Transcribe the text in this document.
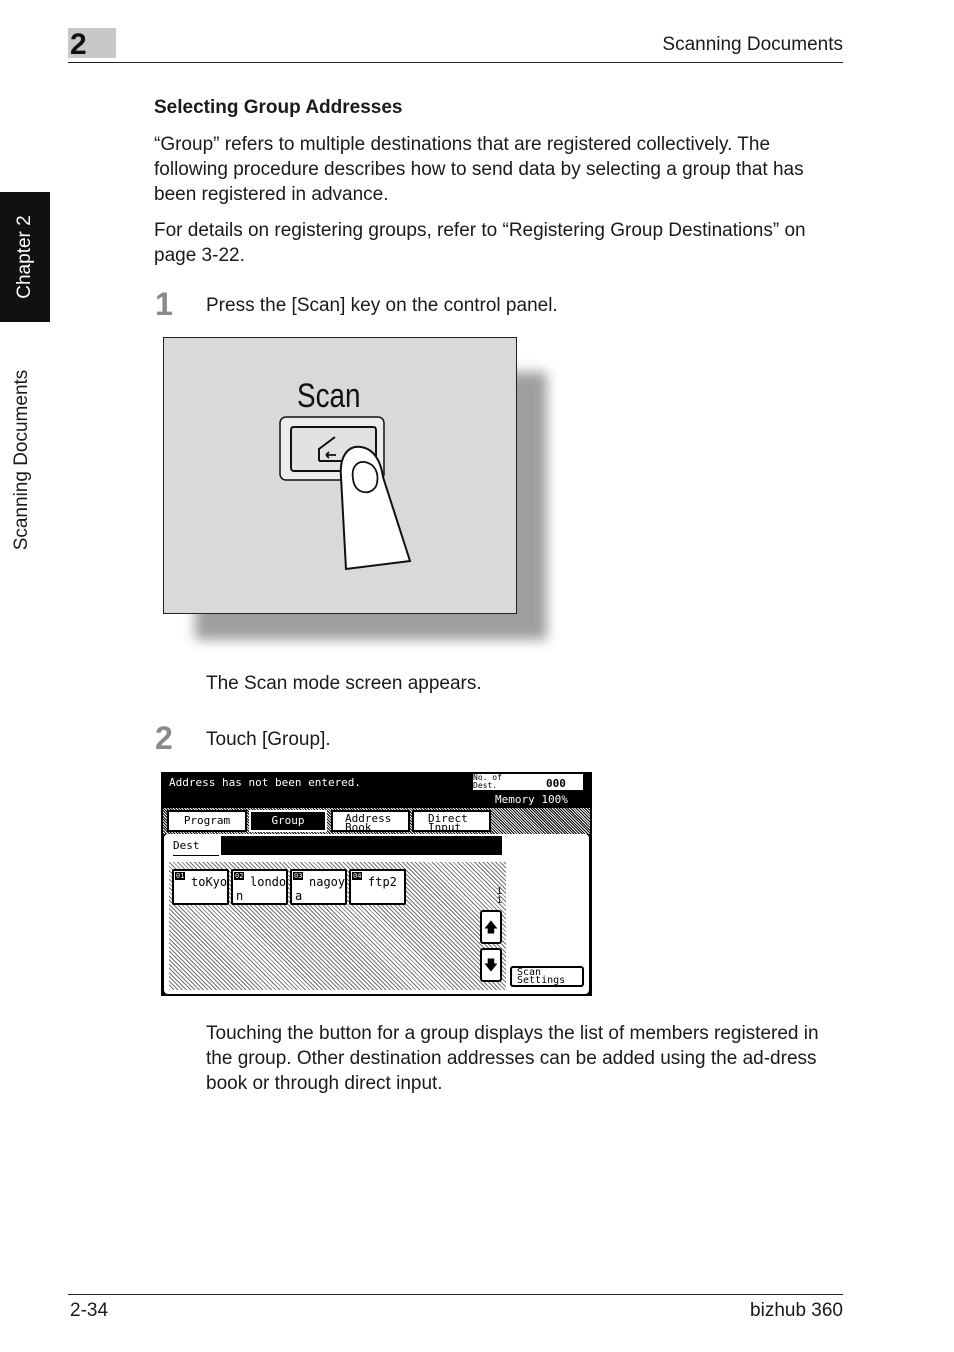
2	Scanning Documents
Chapter 2
Scanning Documents
Selecting Group Addresses
“Group” refers to multiple destinations that are registered collectively. The following procedure describes how to send data by selecting a group that has been registered in advance.
For details on registering groups, refer to “Registering Group Destinations” on page 3-22.
1 Press the [Scan] key on the control panel.
Scan
The Scan mode screen appears.
2 Touch [Group].
Address has not been entered.	No. of Dest.	000
Memory 100%
Program	Group	Address Book
Direct Input
Dest
01 toKyo 02 londo
n
03 nagoy
a
04 ftp2
1
1
🡅
🡇	Scan Settings
Touching the button for a group displays the list of members registered in the group. Other destination addresses can be added using the ad-dress book or through direct input.
2-34	bizhub 360
